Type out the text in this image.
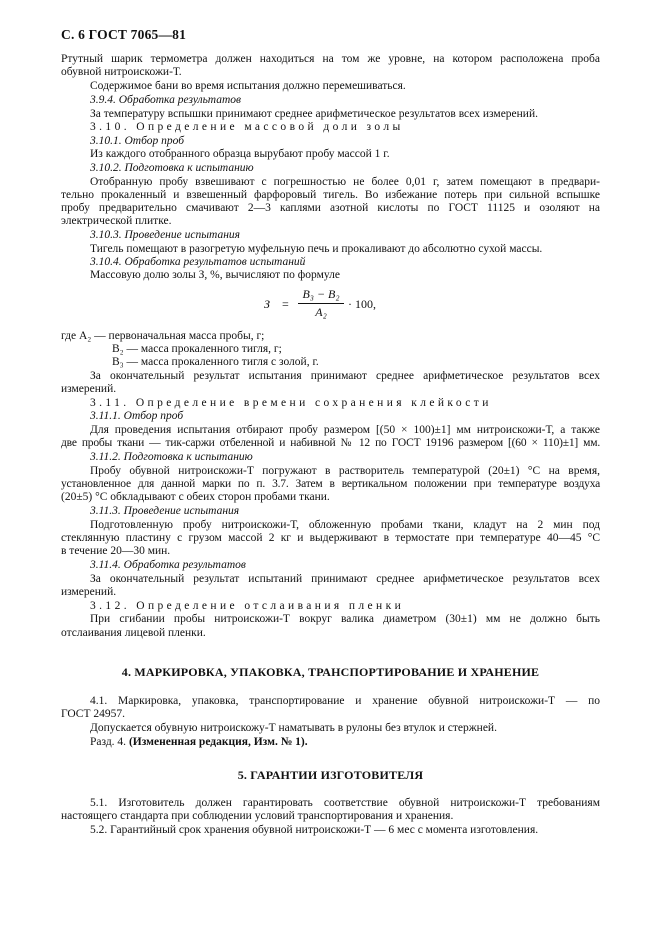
С. 6 ГОСТ 7065—81
Ртутный шарик термометра должен находиться на том же уровне, на котором расположена проба
обувной нитроискожи-Т.
Содержимое бани во время испытания должно перемешиваться.
3.9.4. Обработка результатов
За температуру вспышки принимают среднее арифметическое результатов всех измерений.
3.10. Определение массовой доли золы
3.10.1. Отбор проб
Из каждого отобранного образца вырубают пробу массой 1 г.
3.10.2. Подготовка к испытанию
Отобранную пробу взвешивают с погрешностью не более 0,01 г, затем помещают в предвари-
тельно прокаленный и взвешенный фарфоровый тигель. Во избежание потерь при сильной вспышке
пробу предварительно смачивают 2—3 каплями азотной кислоты по ГОСТ 11125 и озоляют на
электрической плитке.
3.10.3. Проведение испытания
Тигель помещают в разогретую муфельную печь и прокаливают до абсолютно сухой массы.
3.10.4. Обработка результатов испытаний
Массовую долю золы З, %, вычисляют по формуле
З =
B₃ − B₂
A₂
· 100,
где A₂ — первоначальная масса пробы, г;
B₂ — масса прокаленного тигля, г;
B₃ — масса прокаленного тигля с золой, г.
За окончательный результат испытания принимают среднее арифметическое результатов всех
измерений.
3.11. Определение времени сохранения клейкости
3.11.1. Отбор проб
Для проведения испытания отбирают пробу размером [(50 × 100)±1] мм нитроискожи-Т, а также
две пробы ткани — тик-саржи отбеленной и набивной № 12 по ГОСТ 19196 размером [(60 × 110)±1] мм.
3.11.2. Подготовка к испытанию
Пробу обувной нитроискожи-Т погружают в растворитель температурой (20±1) °С на время,
установленное для данной марки по п. 3.7. Затем в вертикальном положении при температуре воздуха
(20±5) °С обкладывают с обеих сторон пробами ткани.
3.11.3. Проведение испытания
Подготовленную пробу нитроискожи-Т, обложенную пробами ткани, кладут на 2 мин под
стеклянную пластину с грузом массой 2 кг и выдерживают в термостате при температуре 40—45 °С
в течение 20—30 мин.
3.11.4. Обработка результатов
За окончательный результат испытаний принимают среднее арифметическое результатов всех
измерений.
3.12. Определение отслаивания пленки
При сгибании пробы нитроискожи-Т вокруг валика диаметром (30±1) мм не должно быть
отслаивания лицевой пленки.
4. МАРКИРОВКА, УПАКОВКА, ТРАНСПОРТИРОВАНИЕ И ХРАНЕНИЕ
4.1. Маркировка, упаковка, транспортирование и хранение обувной нитроискожи-Т — по
ГОСТ 24957.
Допускается обувную нитроискожу-Т наматывать в рулоны без втулок и стержней.
Разд. 4. (Измененная редакция, Изм. № 1).
5. ГАРАНТИИ ИЗГОТОВИТЕЛЯ
5.1. Изготовитель должен гарантировать соответствие обувной нитроискожи-Т требованиям
настоящего стандарта при соблюдении условий транспортирования и хранения.
5.2. Гарантийный срок хранения обувной нитроискожи-Т — 6 мес с момента изготовления.
